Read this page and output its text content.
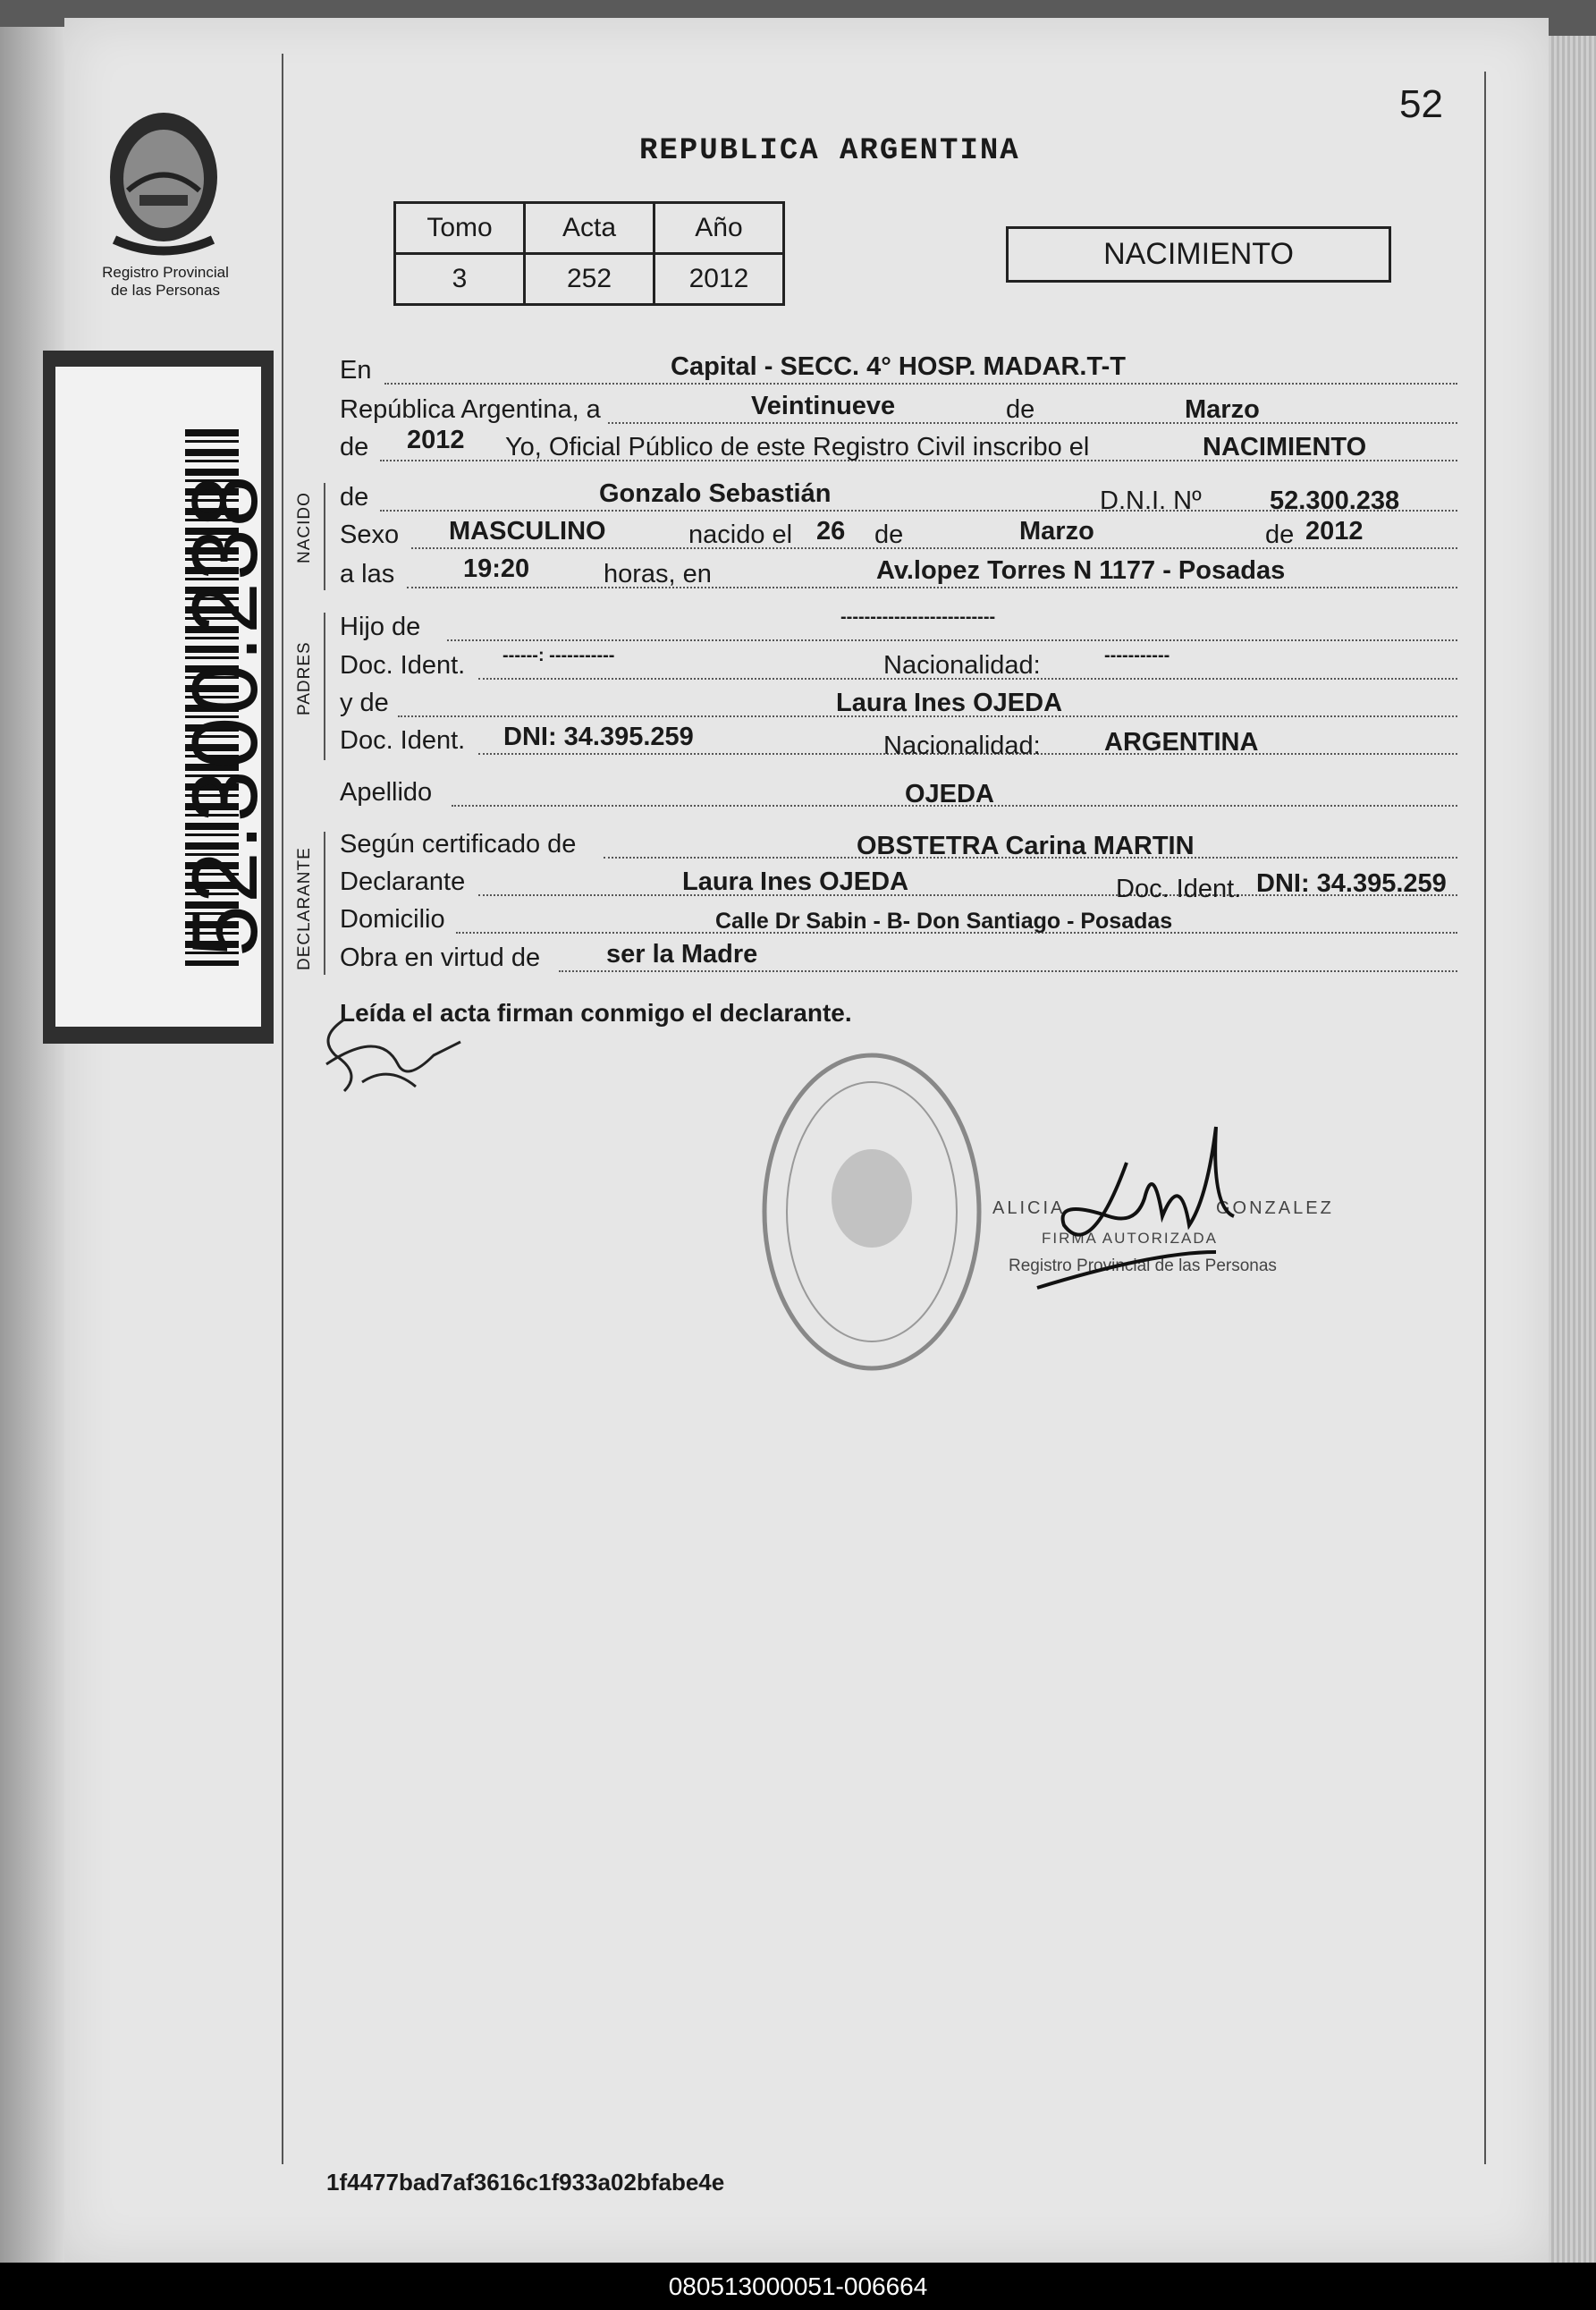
Registro Provincial
de las Personas
52.300.238
52
REPUBLICA ARGENTINA
Tomo	Acta	Año
3	252	2012
NACIMIENTO
NACIDO
PADRES
DECLARANTE
En	Capital - SECC. 4° HOSP. MADAR.T-T
República Argentina, a	Veintinueve	de	Marzo
de 2012 Yo, Oficial Público de este Registro Civil inscribo el	NACIMIENTO
de	Gonzalo Sebastián	D.N.I. Nº	52.300.238
Sexo MASCULINO	nacido el 26 de	Marzo	de 2012
a las	19:20	horas, en	Av.lopez Torres N 1177 - Posadas
Hijo de	--------------------------
Doc. Ident. ------: -----------	Nacionalidad:	-----------
y de	Laura Ines OJEDA
Doc. Ident. DNI: 34.395.259	Nacionalidad: ARGENTINA
Apellido	OJEDA
Según certificado de	OBSTETRA Carina MARTIN
Declarante	Laura Ines OJEDA	Doc. Ident. DNI: 34.395.259
Domicilio	Calle Dr Sabin - B- Don Santiago - Posadas
Obra en virtud de	ser la Madre
Leída el acta firman conmigo el declarante.
ALICIA	GONZALEZ
FIRMA AUTORIZADA
Registro Provincial de las Personas
1f4477bad7af3616c1f933a02bfabe4e
080513000051-006664
